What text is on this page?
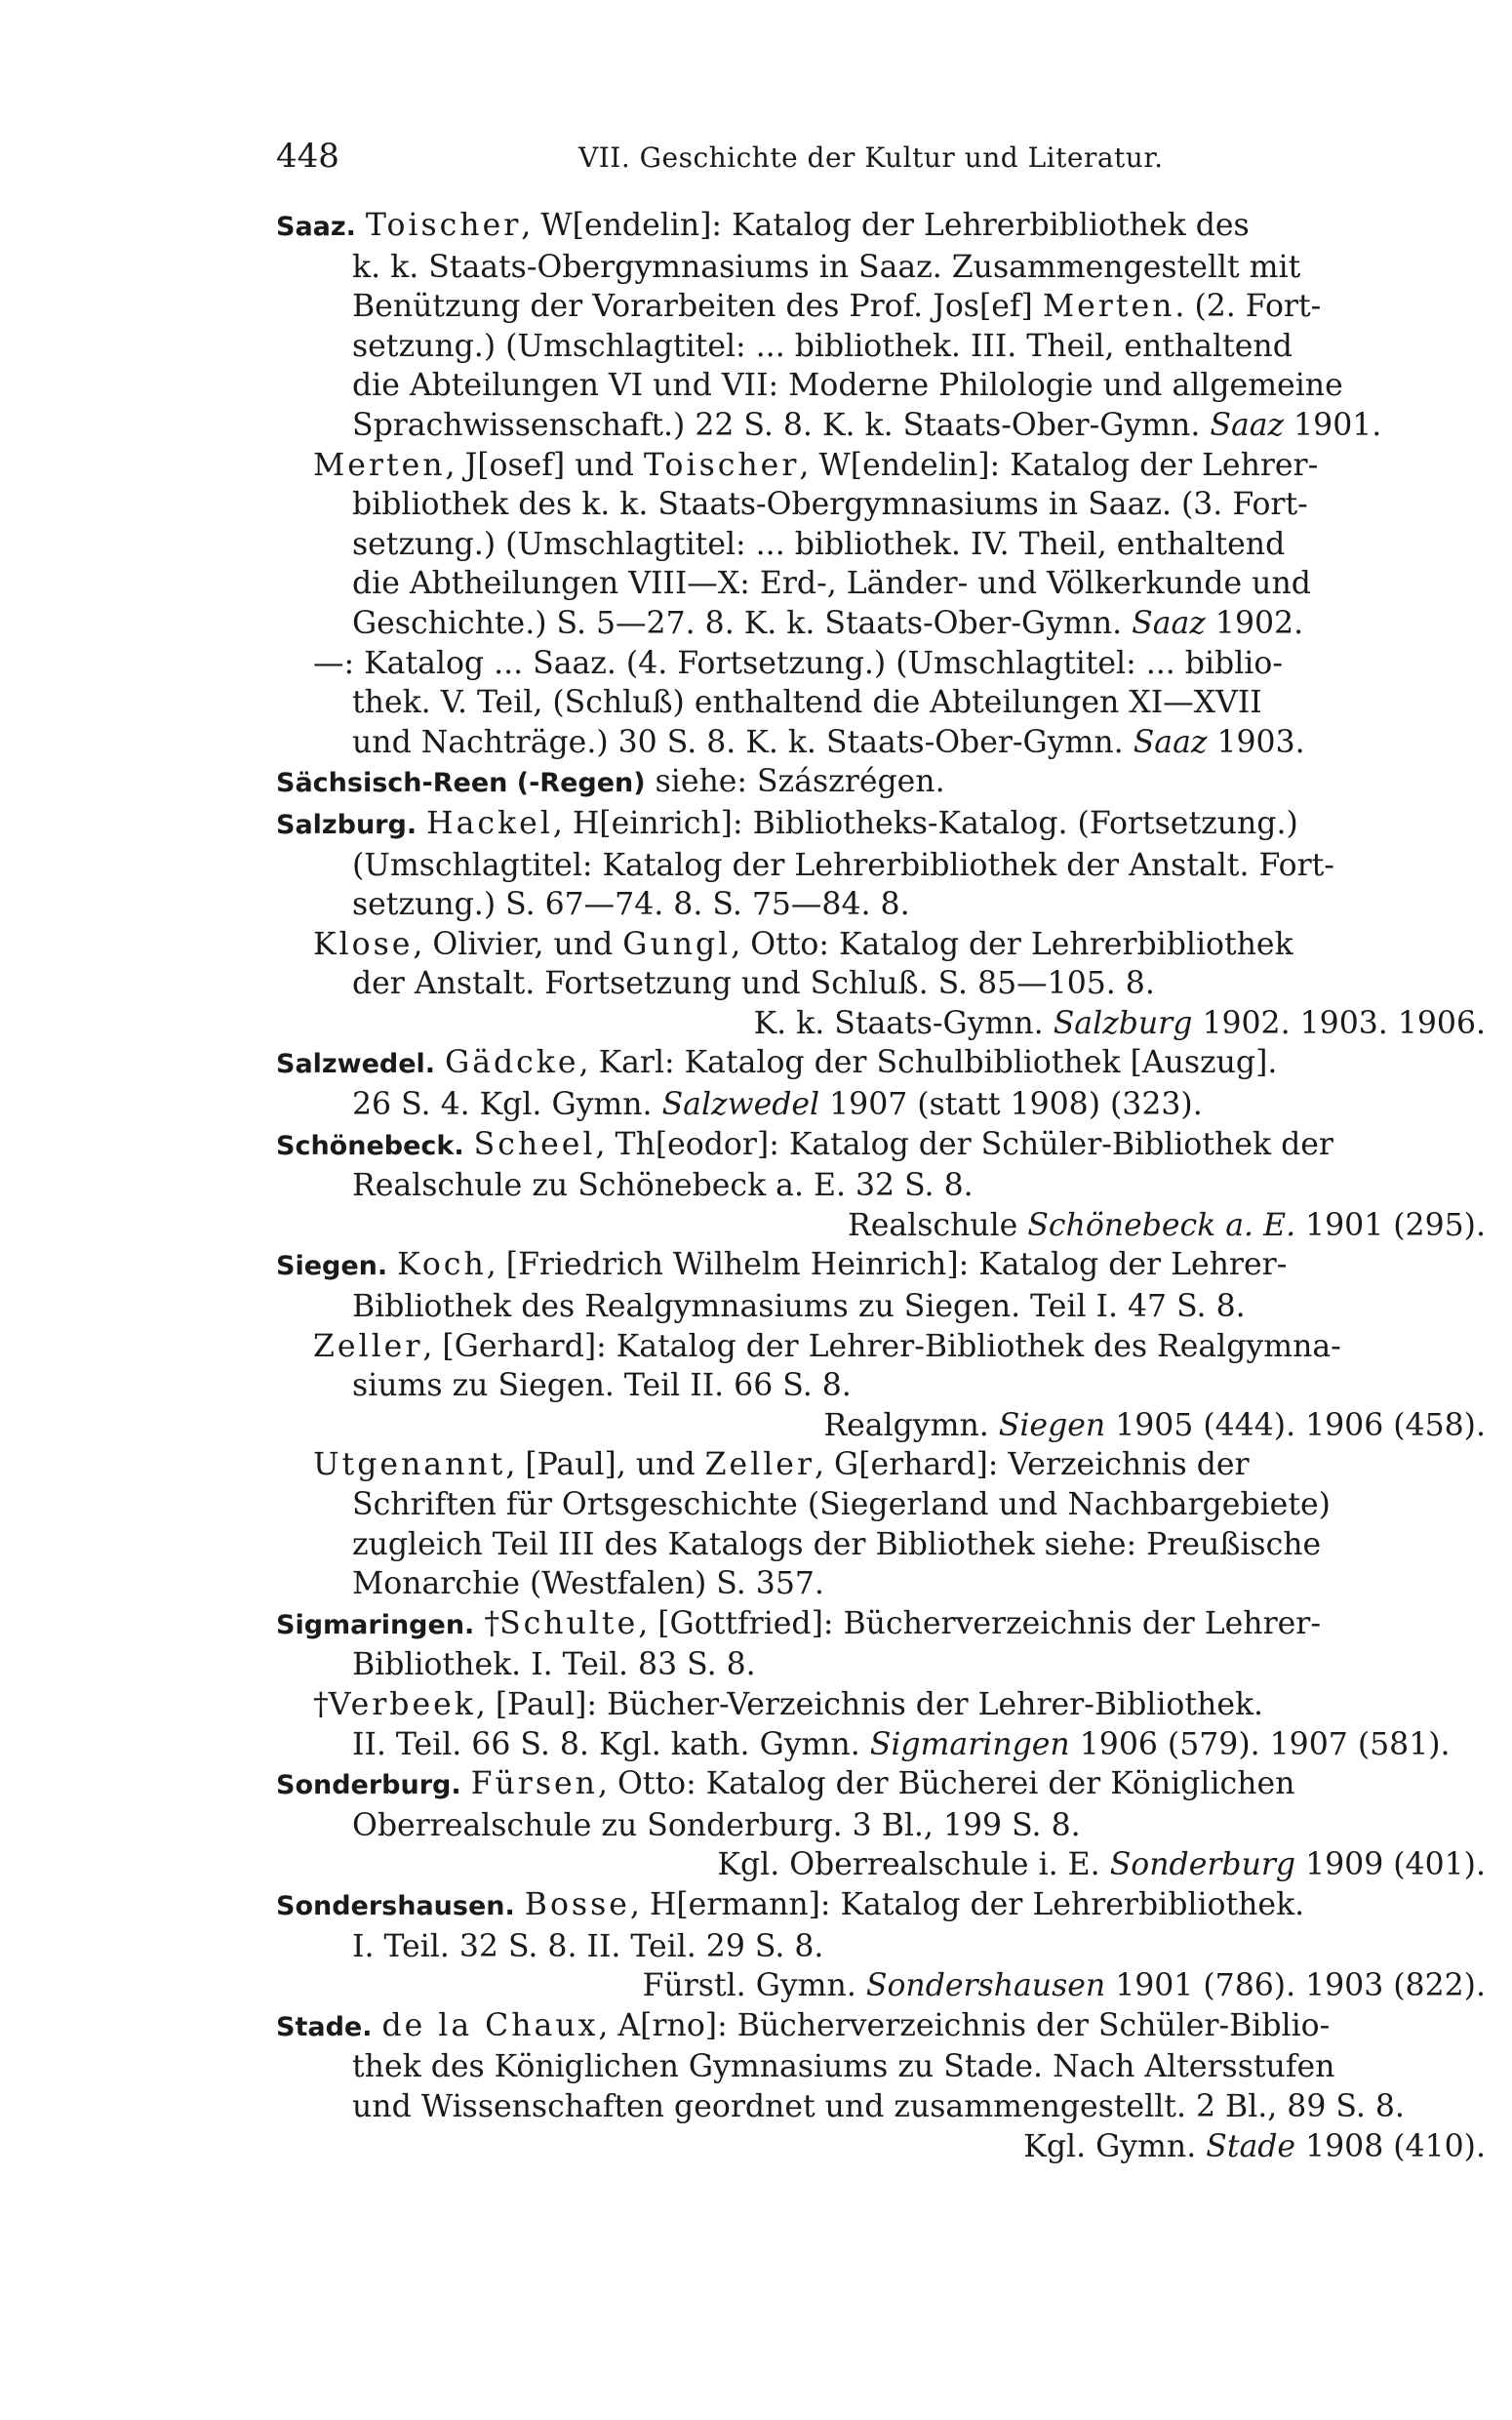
448	VII. Geschichte der Kultur und Literatur.
Saaz. Toischer, W[endelin]: Katalog der Lehrerbibliothek des
k. k. Staats-Obergymnasiums in Saaz. Zusammengestellt mit
Benützung der Vorarbeiten des Prof. Jos[ef] Merten. (2. Fort-
setzung.) (Umschlagtitel: ... bibliothek. III. Theil, enthaltend
die Abteilungen VI und VII: Moderne Philologie und allgemeine
Sprachwissenschaft.) 22 S. 8. K. k. Staats-Ober-Gymn. Saaz 1901.
Merten, J[osef] und Toischer, W[endelin]: Katalog der Lehrer-
bibliothek des k. k. Staats-Obergymnasiums in Saaz. (3. Fort-
setzung.) (Umschlagtitel: ... bibliothek. IV. Theil, enthaltend
die Abtheilungen VIII—X: Erd-, Länder- und Völkerkunde und
Geschichte.) S. 5—27. 8. K. k. Staats-Ober-Gymn. Saaz 1902.
—: Katalog ... Saaz. (4. Fortsetzung.) (Umschlagtitel: ... biblio-
thek. V. Teil, (Schluß) enthaltend die Abteilungen XI—XVII
und Nachträge.) 30 S. 8. K. k. Staats-Ober-Gymn. Saaz 1903.
Sächsisch-Reen (-Regen) siehe: Szászrégen.
Salzburg. Hackel, H[einrich]: Bibliotheks-Katalog. (Fortsetzung.)
(Umschlagtitel: Katalog der Lehrerbibliothek der Anstalt. Fort-
setzung.) S. 67—74. 8. S. 75—84. 8.
Klose, Olivier, und Gungl, Otto: Katalog der Lehrerbibliothek
der Anstalt. Fortsetzung und Schluß. S. 85—105. 8.
K. k. Staats-Gymn. Salzburg 1902. 1903. 1906.
Salzwedel. Gädcke, Karl: Katalog der Schulbibliothek [Auszug].
26 S. 4. Kgl. Gymn. Salzwedel 1907 (statt 1908) (323).
Schönebeck. Scheel, Th[eodor]: Katalog der Schüler-Bibliothek der
Realschule zu Schönebeck a. E. 32 S. 8.
Realschule Schönebeck a. E. 1901 (295).
Siegen. Koch, [Friedrich Wilhelm Heinrich]: Katalog der Lehrer-
Bibliothek des Realgymnasiums zu Siegen. Teil I. 47 S. 8.
Zeller, [Gerhard]: Katalog der Lehrer-Bibliothek des Realgymna-
siums zu Siegen. Teil II. 66 S. 8.
Realgymn. Siegen 1905 (444). 1906 (458).
Utgenannt, [Paul], und Zeller, G[erhard]: Verzeichnis der
Schriften für Ortsgeschichte (Siegerland und Nachbargebiete)
zugleich Teil III des Katalogs der Bibliothek siehe: Preußische
Monarchie (Westfalen) S. 357.
Sigmaringen. †Schulte, [Gottfried]: Bücherverzeichnis der Lehrer-
Bibliothek. I. Teil. 83 S. 8.
†Verbeek, [Paul]: Bücher-Verzeichnis der Lehrer-Bibliothek.
II. Teil. 66 S. 8. Kgl. kath. Gymn. Sigmaringen 1906 (579). 1907 (581).
Sonderburg. Fürsen, Otto: Katalog der Bücherei der Königlichen
Oberrealschule zu Sonderburg. 3 Bl., 199 S. 8.
Kgl. Oberrealschule i. E. Sonderburg 1909 (401).
Sondershausen. Bosse, H[ermann]: Katalog der Lehrerbibliothek.
I. Teil. 32 S. 8. II. Teil. 29 S. 8.
Fürstl. Gymn. Sondershausen 1901 (786). 1903 (822).
Stade. de la Chaux, A[rno]: Bücherverzeichnis der Schüler-Biblio-
thek des Königlichen Gymnasiums zu Stade. Nach Altersstufen
und Wissenschaften geordnet und zusammengestellt. 2 Bl., 89 S. 8.
Kgl. Gymn. Stade 1908 (410).
